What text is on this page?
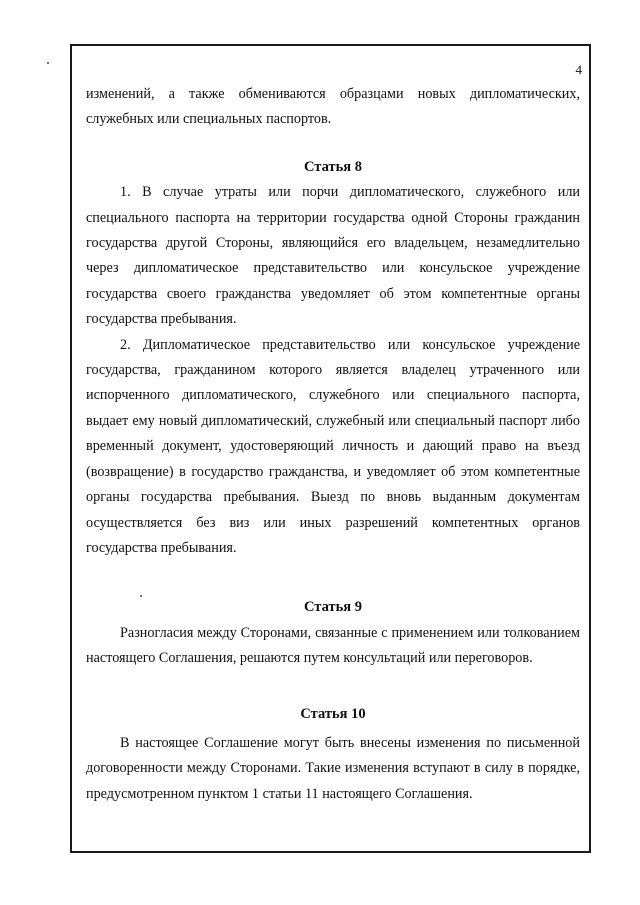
4

изменений, а также обмениваются образцами новых дипломатических, служебных или специальных паспортов.

Статья 8

1. В случае утраты или порчи дипломатического, служебного или специального паспорта на территории государства одной Стороны гражданин государства другой Стороны, являющийся его владельцем, незамедлительно через дипломатическое представительство или консульское учреждение государства своего гражданства уведомляет об этом компетентные органы государства пребывания.

2. Дипломатическое представительство или консульское учреждение государства, гражданином которого является владелец утраченного или испорченного дипломатического, служебного или специального паспорта, выдает ему новый дипломатический, служебный или специальный паспорт либо временный документ, удостоверяющий личность и дающий право на въезд (возвращение) в государство гражданства, и уведомляет об этом компетентные органы государства пребывания. Выезд по вновь выданным документам осуществляется без виз или иных разрешений компетентных органов государства пребывания.

Статья 9

Разногласия между Сторонами, связанные с применением или толкованием настоящего Соглашения, решаются путем консультаций или переговоров.

Статья 10

В настоящее Соглашение могут быть внесены изменения по письменной договоренности между Сторонами. Такие изменения вступают в силу в порядке, предусмотренном пунктом 1 статьи 11 настоящего Соглашения.
